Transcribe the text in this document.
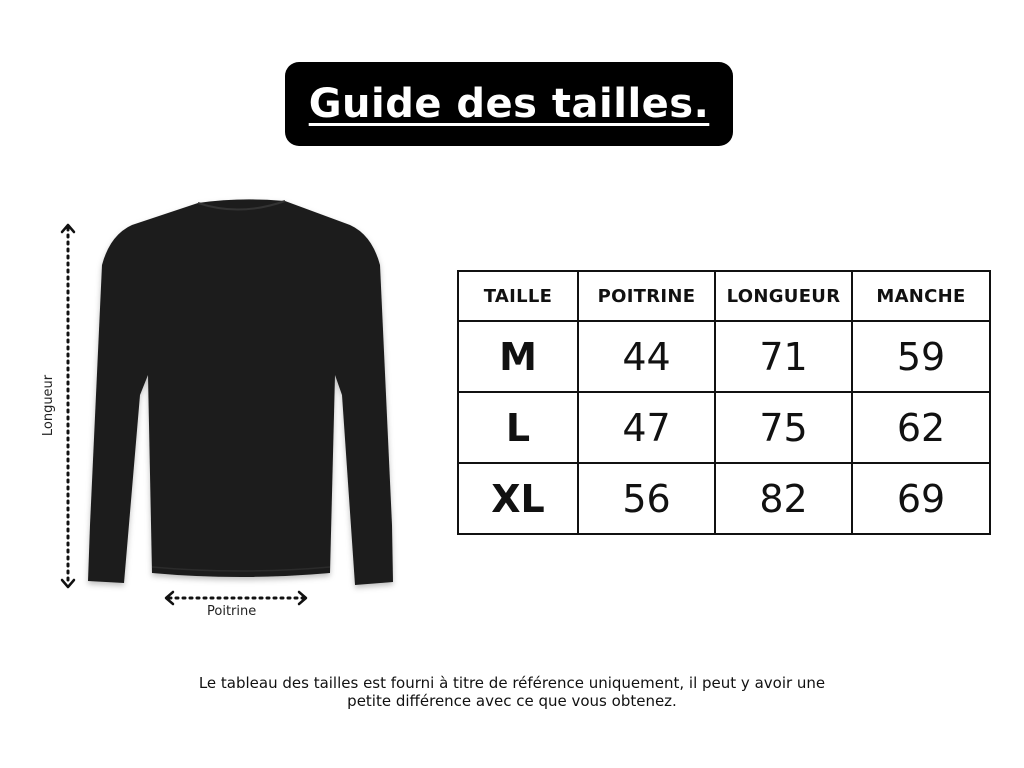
Guide des tailles.
Longueur
Poitrine
TAILLE	POITRINE	LONGUEUR	MANCHE
M	44	71	59
L	47	75	62
XL	56	82	69
Le tableau des tailles est fourni à titre de référence uniquement, il peut y avoir une
petite différence avec ce que vous obtenez.
